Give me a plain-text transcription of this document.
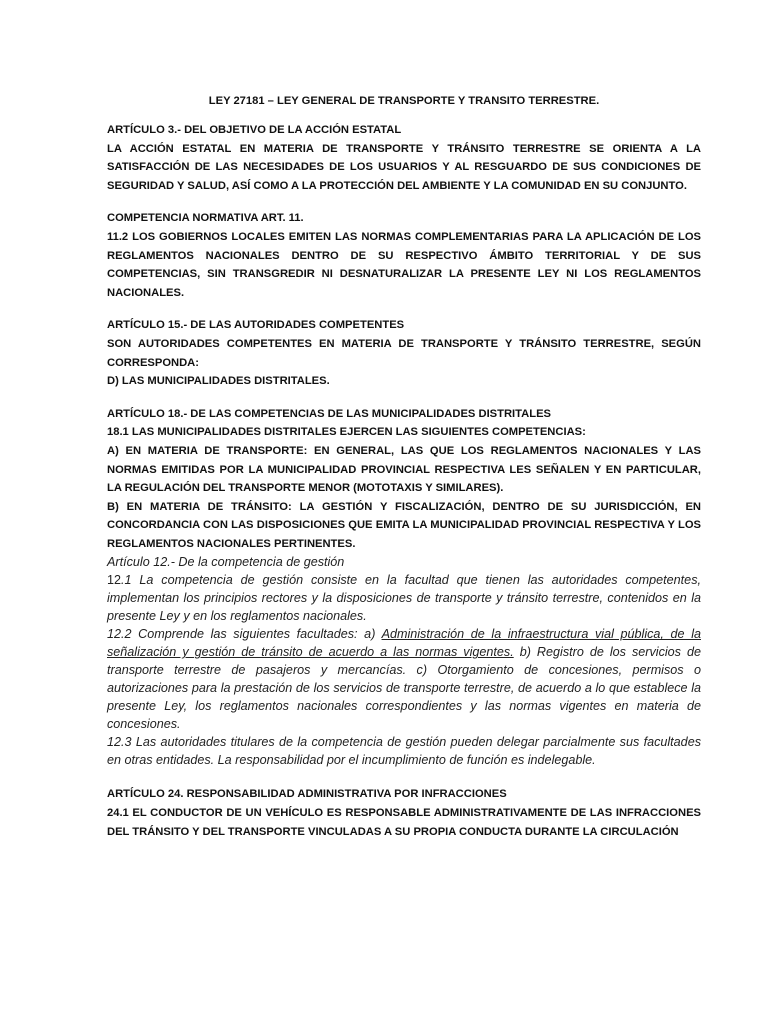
LEY 27181 – LEY GENERAL DE TRANSPORTE Y TRANSITO TERRESTRE.
ARTÍCULO 3.- DEL OBJETIVO DE LA ACCIÓN ESTATAL
LA ACCIÓN ESTATAL EN MATERIA DE TRANSPORTE Y TRÁNSITO TERRESTRE SE ORIENTA A LA SATISFACCIÓN DE LAS NECESIDADES DE LOS USUARIOS Y AL RESGUARDO DE SUS CONDICIONES DE SEGURIDAD Y SALUD, ASÍ COMO A LA PROTECCIÓN DEL AMBIENTE Y LA COMUNIDAD EN SU CONJUNTO.
COMPETENCIA NORMATIVA ART. 11.
11.2 LOS GOBIERNOS LOCALES EMITEN LAS NORMAS COMPLEMENTARIAS PARA LA APLICACIÓN DE LOS REGLAMENTOS NACIONALES DENTRO DE SU RESPECTIVO ÁMBITO TERRITORIAL Y DE SUS COMPETENCIAS, SIN TRANSGREDIR NI DESNATURALIZAR LA PRESENTE LEY NI LOS REGLAMENTOS NACIONALES.
ARTÍCULO 15.- DE LAS AUTORIDADES COMPETENTES
SON AUTORIDADES COMPETENTES EN MATERIA DE TRANSPORTE Y TRÁNSITO TERRESTRE, SEGÚN CORRESPONDA:
D) LAS MUNICIPALIDADES DISTRITALES.
ARTÍCULO 18.- DE LAS COMPETENCIAS DE LAS MUNICIPALIDADES DISTRITALES
18.1 LAS MUNICIPALIDADES DISTRITALES EJERCEN LAS SIGUIENTES COMPETENCIAS:
A) EN MATERIA DE TRANSPORTE: EN GENERAL, LAS QUE LOS REGLAMENTOS NACIONALES Y LAS NORMAS EMITIDAS POR LA MUNICIPALIDAD PROVINCIAL RESPECTIVA LES SEÑALEN Y EN PARTICULAR, LA REGULACIÓN DEL TRANSPORTE MENOR (MOTOTAXIS Y SIMILARES).
B) EN MATERIA DE TRÁNSITO: LA GESTIÓN Y FISCALIZACIÓN, DENTRO DE SU JURISDICCIÓN, EN CONCORDANCIA CON LAS DISPOSICIONES QUE EMITA LA MUNICIPALIDAD PROVINCIAL RESPECTIVA Y LOS REGLAMENTOS NACIONALES PERTINENTES.
Artículo 12.- De la competencia de gestión
12.1 La competencia de gestión consiste en la facultad que tienen las autoridades competentes, implementan los principios rectores y la disposiciones de transporte y tránsito terrestre, contenidos en la presente Ley y en los reglamentos nacionales.
12.2 Comprende las siguientes facultades: a) Administración de la infraestructura vial pública, de la señalización y gestión de tránsito de acuerdo a las normas vigentes. b) Registro de los servicios de transporte terrestre de pasajeros y mercancías. c) Otorgamiento de concesiones, permisos o autorizaciones para la prestación de los servicios de transporte terrestre, de acuerdo a lo que establece la presente Ley, los reglamentos nacionales correspondientes y las normas vigentes en materia de concesiones.
12.3 Las autoridades titulares de la competencia de gestión pueden delegar parcialmente sus facultades en otras entidades. La responsabilidad por el incumplimiento de función es indelegable.
ARTÍCULO 24. RESPONSABILIDAD ADMINISTRATIVA POR INFRACCIONES
24.1 EL CONDUCTOR DE UN VEHÍCULO ES RESPONSABLE ADMINISTRATIVAMENTE DE LAS INFRACCIONES DEL TRÁNSITO Y DEL TRANSPORTE VINCULADAS A SU PROPIA CONDUCTA DURANTE LA CIRCULACIÓN
